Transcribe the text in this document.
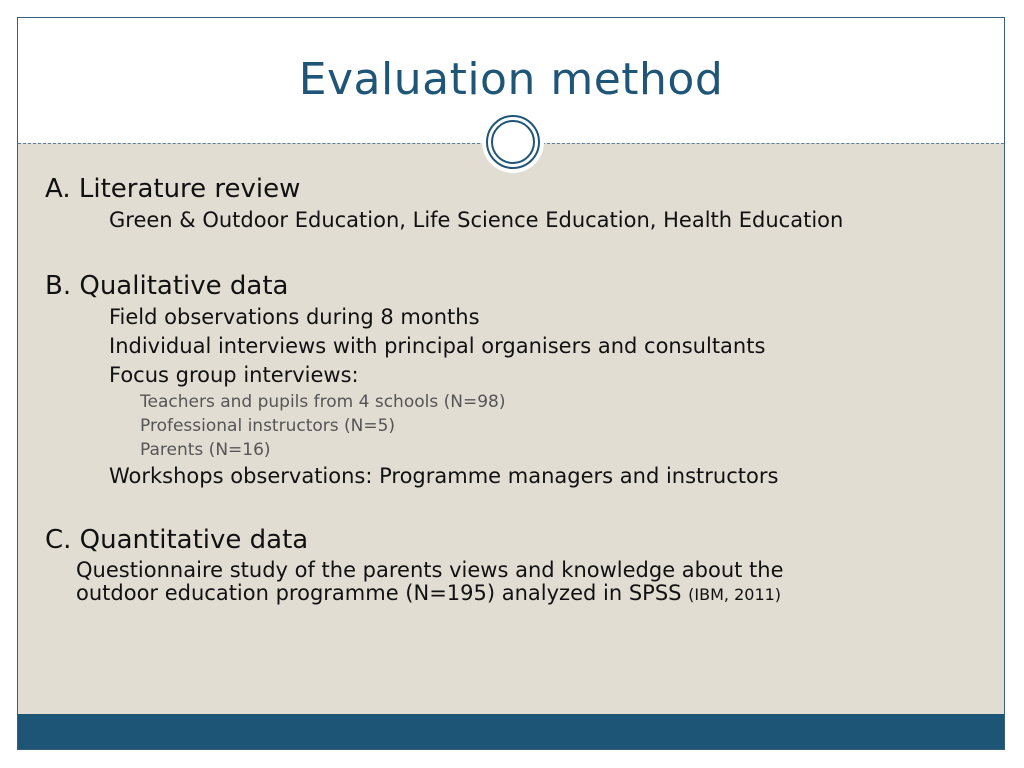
Evaluation method
A. Literature review
Green & Outdoor Education, Life Science Education, Health Education
B. Qualitative data
Field observations during 8 months
Individual interviews with principal organisers and consultants
Focus group interviews:
Teachers and pupils from 4 schools (N=98)
Professional instructors (N=5)
Parents (N=16)
Workshops observations: Programme managers and instructors
C. Quantitative data
Questionnaire study of the parents views and knowledge about the
outdoor education programme (N=195) analyzed in SPSS (IBM, 2011)
